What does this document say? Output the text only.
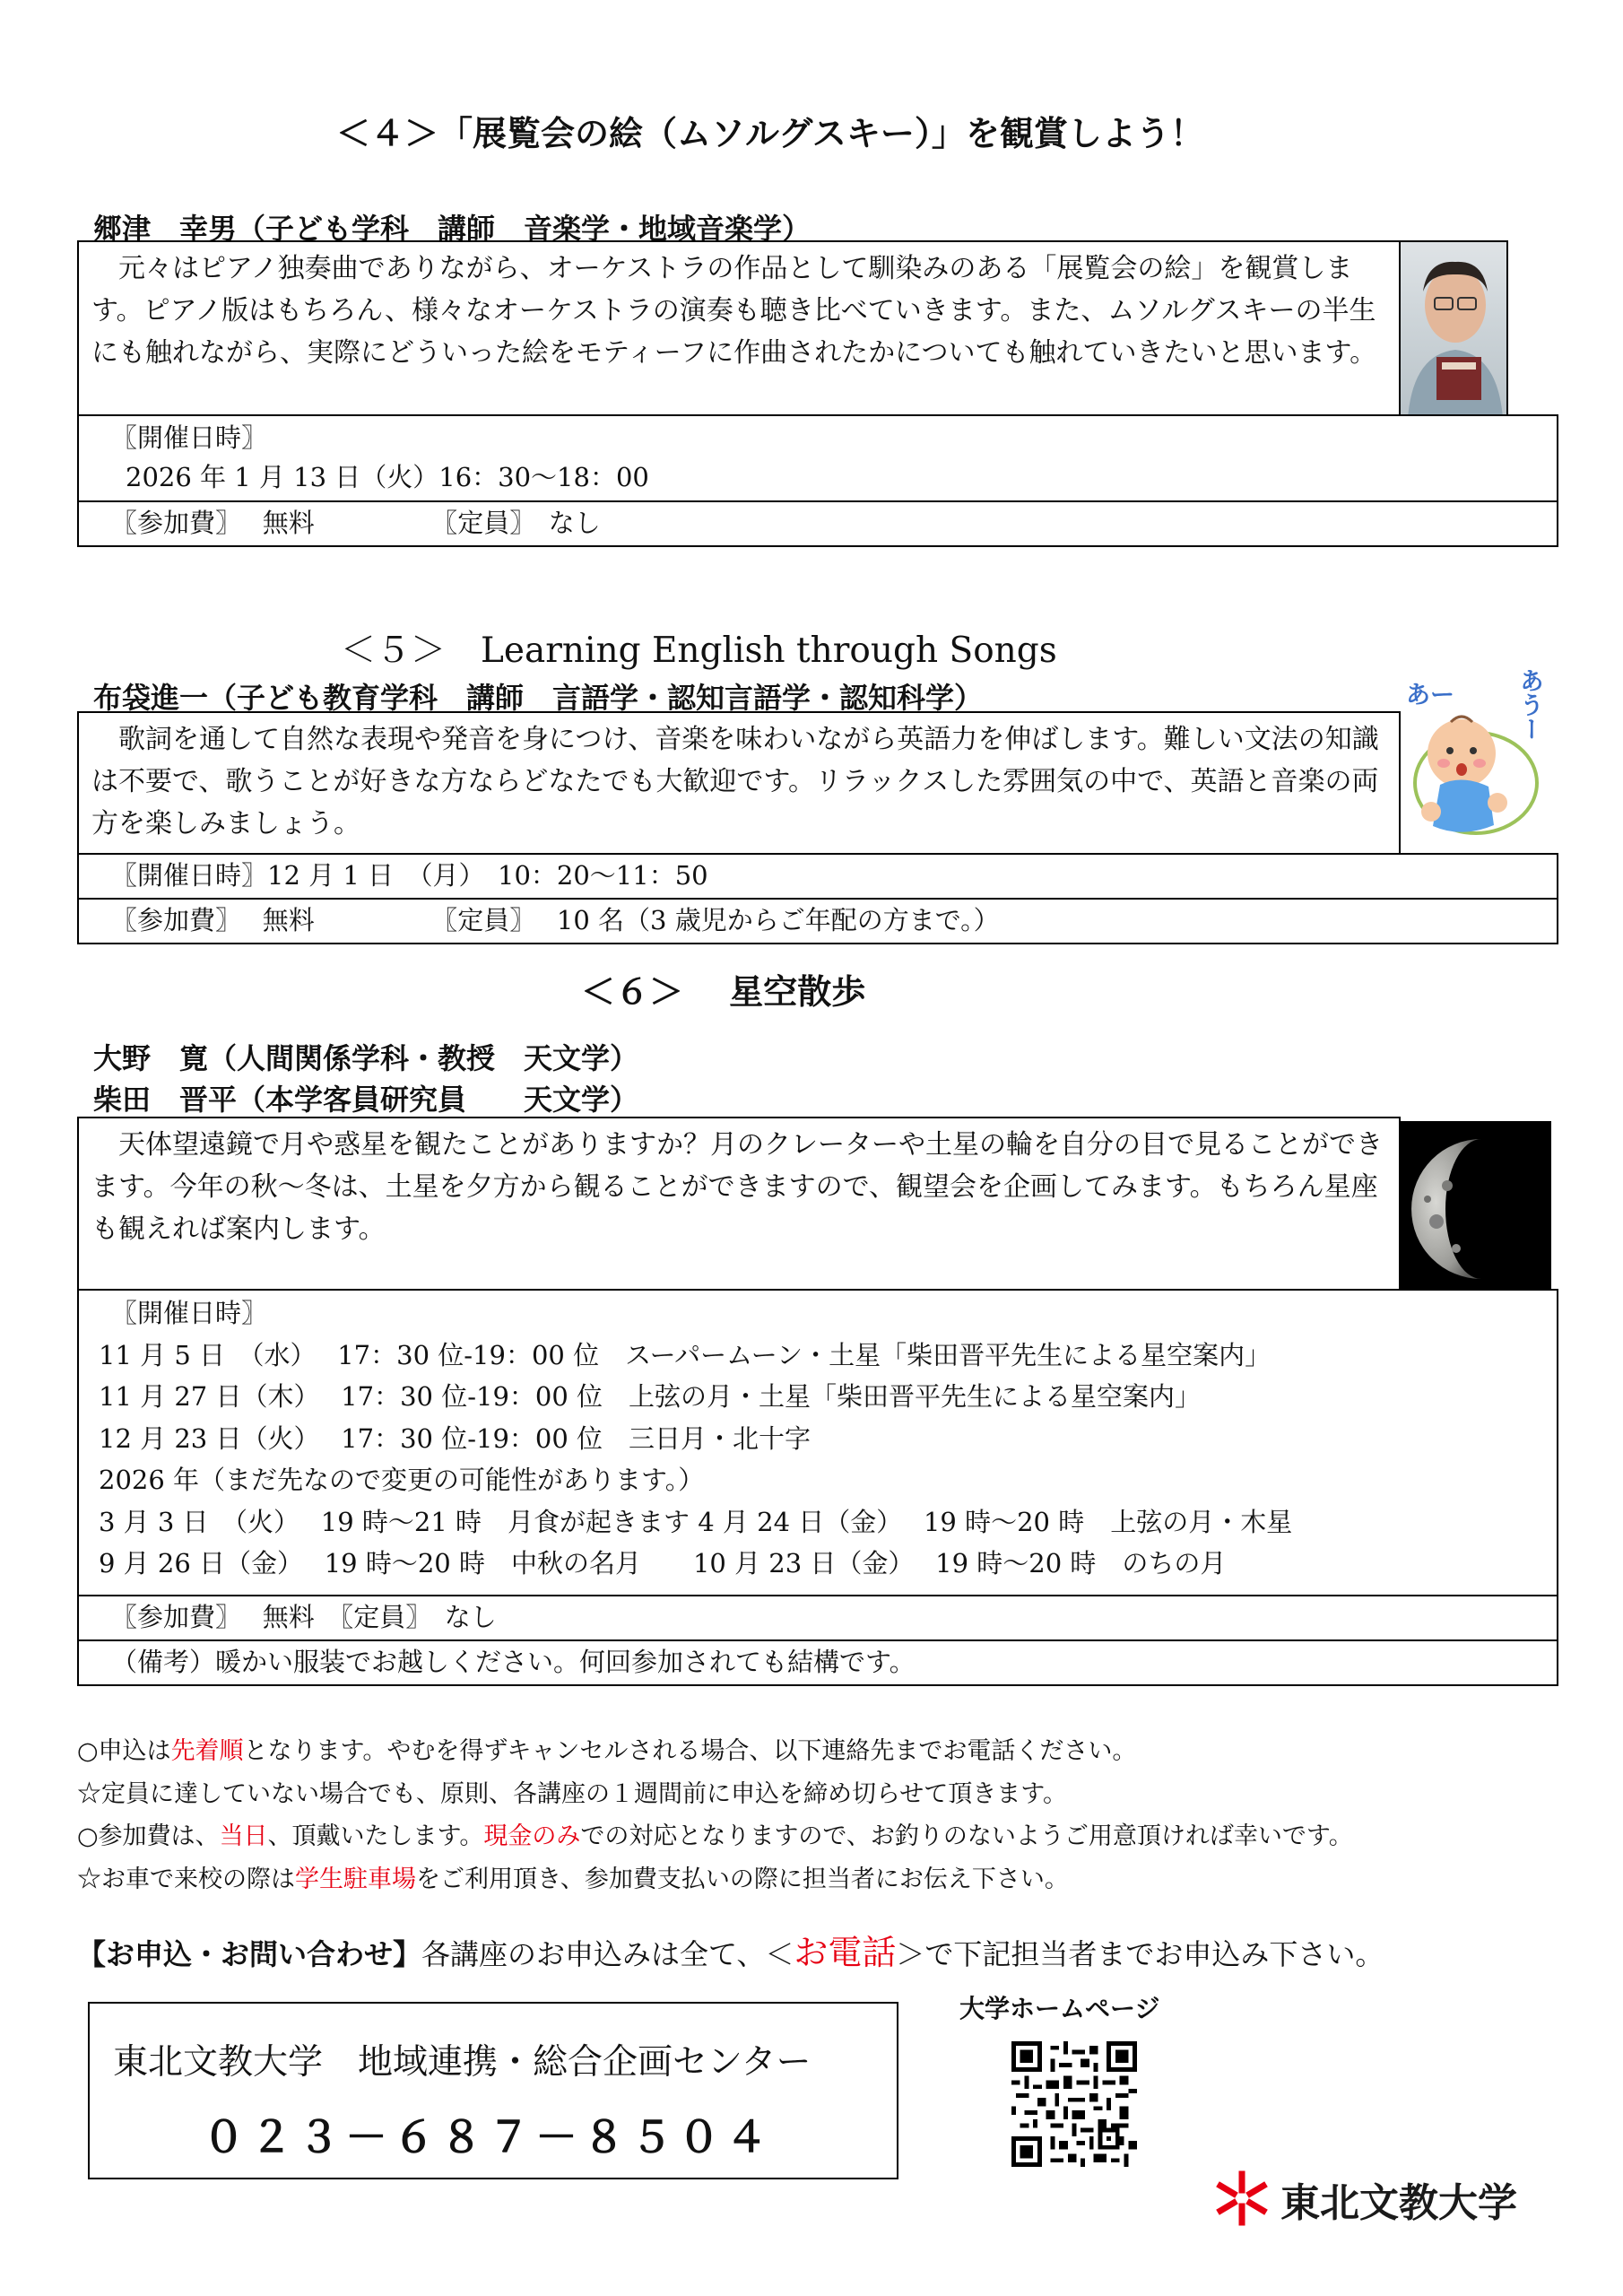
＜４＞「展覧会の絵（ムソルグスキー）」を観賞しよう！
郷津　幸男（子ども学科　講師　音楽学・地域音楽学）
元々はピアノ独奏曲でありながら、オーケストラの作品として馴染みのある「展覧会の絵」を観賞します。ピアノ版はもちろん、様々なオーケストラの演奏も聴き比べていきます。また、ムソルグスキーの半生にも触れながら、実際にどういった絵をモティーフに作曲されたかについても触れていきたいと思います。
〖開催日時〗
2026 年 1 月 13 日（火）16：30〜18：00
〖参加費〗　 無料　　　　　〖定員〗　なし
＜５＞　Learning English through Songs
布袋進一（子ども教育学科　講師　言語学・認知言語学・認知科学）
歌詞を通して自然な表現や発音を身につけ、音楽を味わいながら英語力を伸ばします。難しい文法の知識は不要で、歌うことが好きな方ならどなたでも大歓迎です。リラックスした雰囲気の中で、英語と音楽の両方を楽しみましょう。
あー	あうー
〖開催日時〗12 月 1 日　（月）　10：20〜11：50
〖参加費〗　 無料　　　　　〖定員〗　 10 名（3 歳児からご年配の方まで。）
＜６＞　 星空散歩
大野　寛（人間関係学科・教授　天文学）
柴田　晋平（本学客員研究員　　天文学）
天体望遠鏡で月や惑星を観たことがありますか？月のクレーターや土星の輪を自分の目で見ることができます。今年の秋〜冬は、土星を夕方から観ることができますので、観望会を企画してみます。もちろん星座も観えれば案内します。
〖開催日時〗
11 月 5 日　（水）　 17：30 位-19：00 位　スーパームーン・土星「柴田晋平先生による星空案内」
11 月 27 日（木）　 17：30 位-19：00 位　上弦の月・土星「柴田晋平先生による星空案内」
12 月 23 日（火）　 17：30 位-19：00 位　三日月・北十字
2026 年（まだ先なので変更の可能性があります。）
3 月 3 日　（火）　 19 時〜21 時　月食が起きます 4 月 24 日（金）　 19 時〜20 時　上弦の月・木星
9 月 26 日（金）　 19 時〜20 時　中秋の名月　　10 月 23 日（金）　 19 時〜20 時　のちの月
〖参加費〗　 無料　〖定員〗　なし
（備考）暖かい服装でお越しください。何回参加されても結構です。
○申込は先着順となります。やむを得ずキャンセルされる場合、以下連絡先までお電話ください。
☆定員に達していない場合でも、原則、各講座の１週間前に申込を締め切らせて頂きます。
○参加費は、当日、頂戴いたします。現金のみでの対応となりますので、お釣りのないようご用意頂ければ幸いです。
☆お車で来校の際は学生駐車場をご利用頂き、参加費支払いの際に担当者にお伝え下さい。
【お申込・お問い合わせ】各講座のお申込みは全て、＜お電話＞で下記担当者までお申込み下さい。
東北文教大学　地域連携・総合企画センター
０２３－６８７－８５０４
大学ホームページ
東北文教大学
